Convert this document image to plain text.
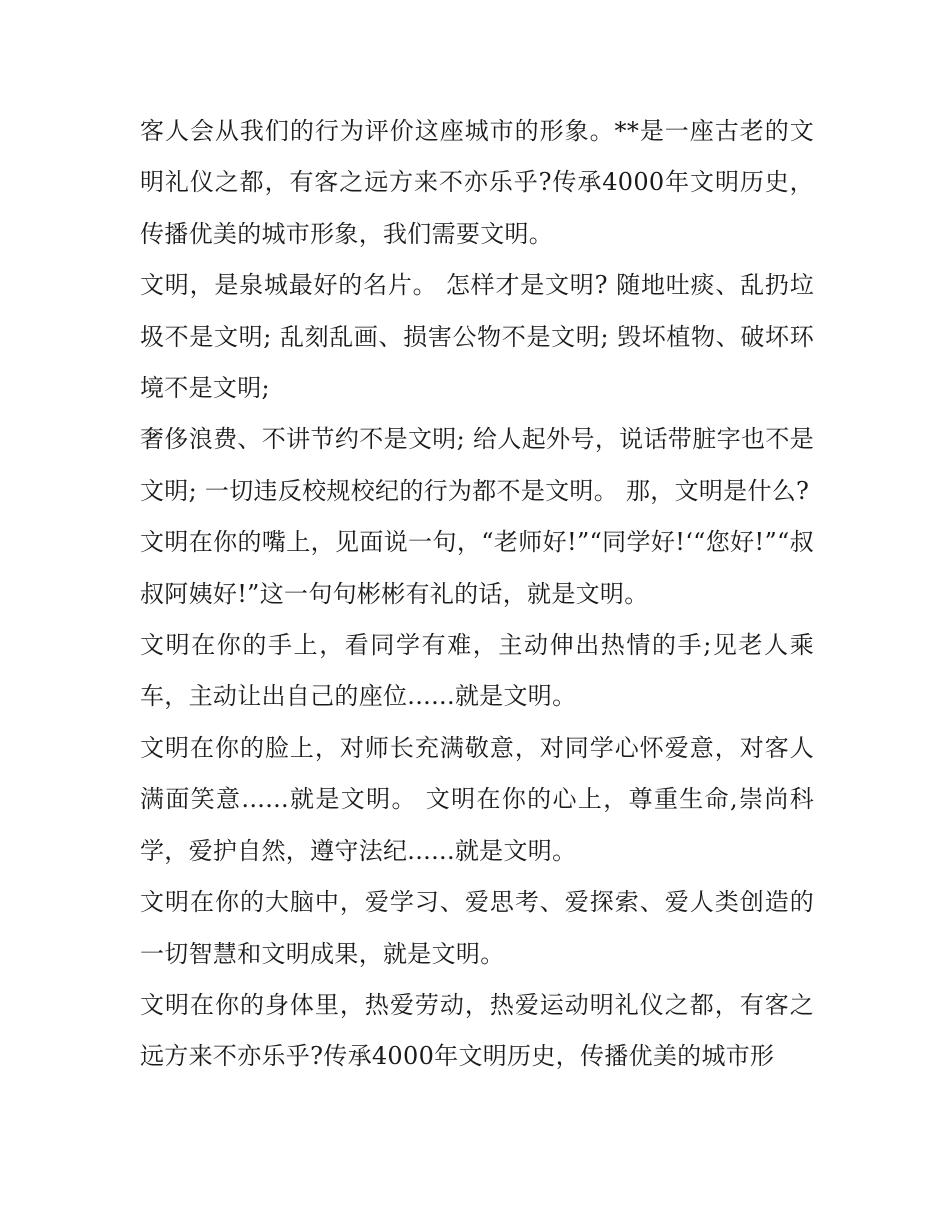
客人会从我们的行为评价这座城市的形象。**是一座古老的文明礼仪之都，有客之远方来不亦乐乎?传承4000年文明历史，传播优美的城市形象，我们需要文明。

文明，是泉城最好的名片。 怎样才是文明? 随地吐痰、乱扔垃圾不是文明; 乱刻乱画、损害公物不是文明; 毁坏植物、破坏环境不是文明;

奢侈浪费、不讲节约不是文明; 给人起外号，说话带脏字也不是文明; 一切违反校规校纪的行为都不是文明。 那，文明是什么?

文明在你的嘴上，见面说一句，“老师好!”“同学好!‘“您好!”“叔叔阿姨好!”这一句句彬彬有礼的话，就是文明。

文明在你的手上，看同学有难，主动伸出热情的手;见老人乘车，主动让出自己的座位......就是文明。

文明在你的脸上，对师长充满敬意，对同学心怀爱意，对客人满面笑意......就是文明。 文明在你的心上，尊重生命,崇尚科学，爱护自然，遵守法纪......就是文明。

文明在你的大脑中，爱学习、爱思考、爱探索、爱人类创造的一切智慧和文明成果，就是文明。

文明在你的身体里，热爱劳动，热爱运动明礼仪之都，有客之远方来不亦乐乎?传承4000年文明历史，传播优美的城市形
